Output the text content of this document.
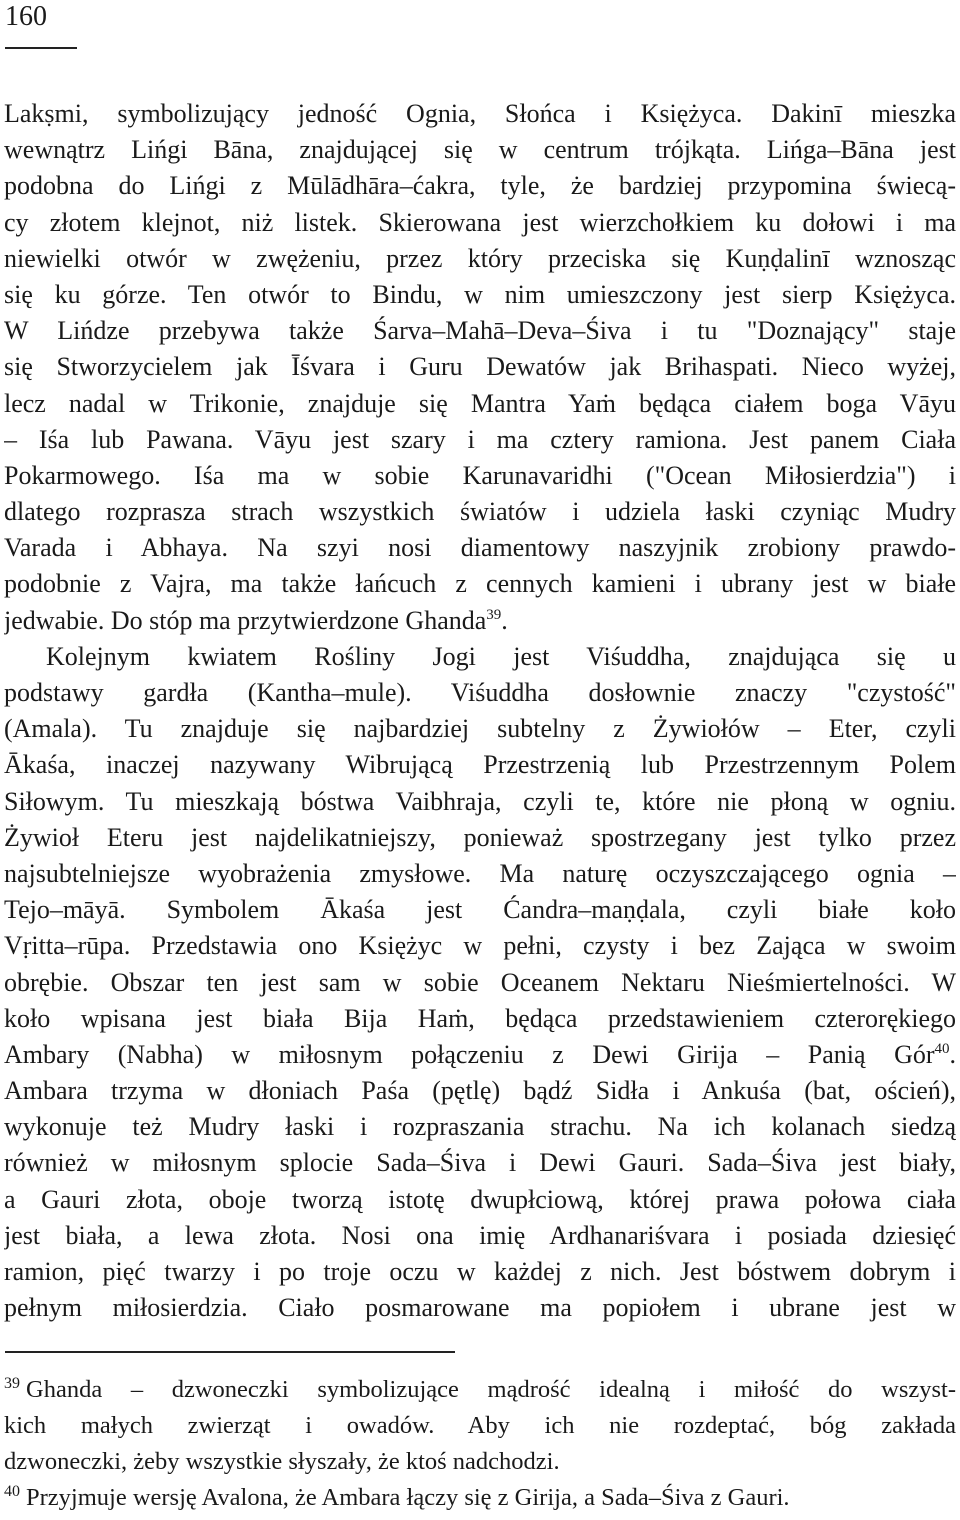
160
Lakṣmi, symbolizujący jedność Ognia, Słońca i Księżyca. Dakinī mieszka
wewnątrz Lińgi Bāna, znajdującej się w centrum trójkąta. Lińga–Bāna jest
podobna do Lińgi z Mūlādhāra–ćakra, tyle, że bardziej przypomina świecą-
cy złotem klejnot, niż listek. Skierowana jest wierzchołkiem ku dołowi i ma
niewielki otwór w zwężeniu, przez który przeciska się Kuṇḍalinī wznosząc
się ku górze. Ten otwór to Bindu, w nim umieszczony jest sierp Księżyca.
W Lińdze przebywa także Śarva–Mahā–Deva–Śiva i tu "Doznający" staje
się Stworzycielem jak Īśvara i Guru Dewatów jak Brihaspati. Nieco wyżej,
lecz nadal w Trikonie, znajduje się Mantra Yaṁ będąca ciałem boga Vāyu
– Iśa lub Pawana. Vāyu jest szary i ma cztery ramiona. Jest panem Ciała
Pokarmowego. Iśa ma w sobie Karunavaridhi ("Ocean Miłosierdzia") i
dlatego rozprasza strach wszystkich światów i udziela łaski czyniąc Mudry
Varada i Abhaya. Na szyi nosi diamentowy naszyjnik zrobiony prawdo-
podobnie z Vajra, ma także łańcuch z cennych kamieni i ubrany jest w białe
jedwabie. Do stóp ma przytwierdzone Ghanda$^{39}$.
Kolejnym kwiatem Rośliny Jogi jest Viśuddha, znajdująca się u
podstawy gardła (Kantha–mule). Viśuddha dosłownie znaczy "czystość"
(Amala). Tu znajduje się najbardziej subtelny z Żywiołów – Eter, czyli
Ākaśa, inaczej nazywany Wibrującą Przestrzenią lub Przestrzennym Polem
Siłowym. Tu mieszkają bóstwa Vaibhraja, czyli te, które nie płoną w ogniu.
Żywioł Eteru jest najdelikatniejszy, ponieważ spostrzegany jest tylko przez
najsubtelniejsze wyobrażenia zmysłowe. Ma naturę oczyszczającego ognia –
Tejo–māyā. Symbolem Ākaśa jest Ćandra–maṇḍala, czyli białe koło
Vṛitta–rūpa. Przedstawia ono Księżyc w pełni, czysty i bez Zająca w swoim
obrębie. Obszar ten jest sam w sobie Oceanem Nektaru Nieśmiertelności. W
koło wpisana jest biała Bija Haṁ, będąca przedstawieniem czterorękiego
Ambary (Nabha) w miłosnym połączeniu z Dewi Girija – Panią Gór$^{40}$.
Ambara trzyma w dłoniach Paśa (pętlę) bądź Sidła i Ankuśa (bat, oścień),
wykonuje też Mudry łaski i rozpraszania strachu. Na ich kolanach siedzą
również w miłosnym splocie Sada–Śiva i Dewi Gauri. Sada–Śiva jest biały,
a Gauri złota, oboje tworzą istotę dwupłciową, której prawa połowa ciała
jest biała, a lewa złota. Nosi ona imię Ardhanariśvara i posiada dziesięć
ramion, pięć twarzy i po troje oczu w każdej z nich. Jest bóstwem dobrym i
pełnym miłosierdzia. Ciało posmarowane ma popiołem i ubrane jest w
$^{39}$ Ghanda – dzwoneczki symbolizujące mądrość idealną i miłość do wszyst-
kich małych zwierząt i owadów. Aby ich nie rozdeptać, bóg zakłada
dzwoneczki, żeby wszystkie słyszały, że ktoś nadchodzi.
$^{40}$ Przyjmuje wersję Avalona, że Ambara łączy się z Girija, a Sada–Śiva z Gauri.
